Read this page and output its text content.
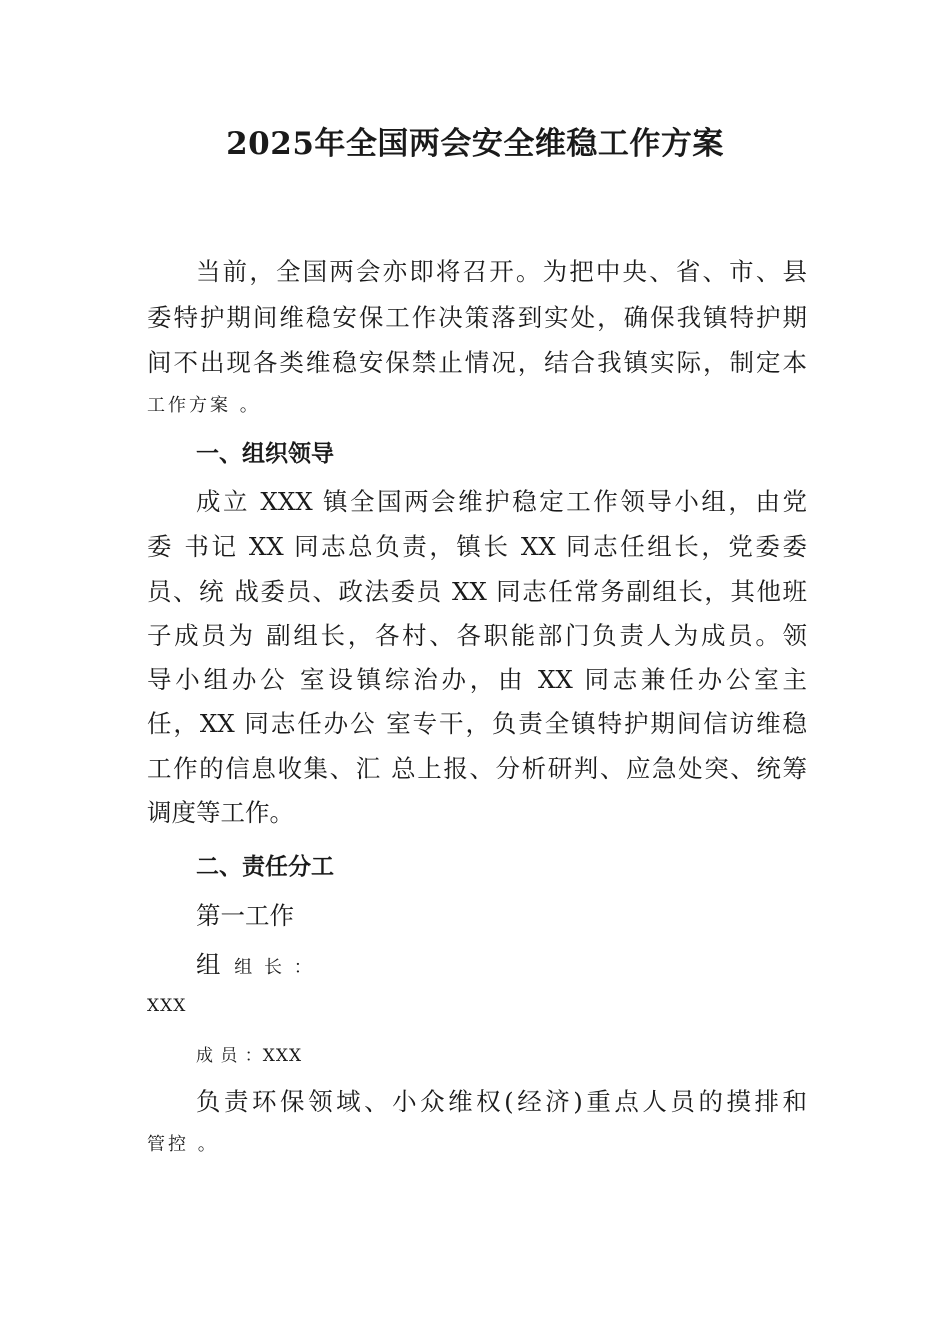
2025年全国两会安全维稳工作方案
当前，全国两会亦即将召开。为把中央、省、市、县
委特护期间维稳安保工作决策落到实处，确保我镇特护期
间不出现各类维稳安保禁止情况，结合我镇实际，制定本
工作方案 。
一、组织领导
成立 XXX 镇全国两会维护稳定工作领导小组，由党
委 书记 XX 同志总负责，镇长 XX 同志任组长，党委委
员、统 战委员、政法委员 XX 同志任常务副组长，其他班
子成员为 副组长，各村、各职能部门负责人为成员。领
导小组办公 室设镇综治办，由 XX 同志兼任办公室主
任，XX 同志任办公 室专干，负责全镇特护期间信访维稳
工作的信息收集、汇 总上报、分析研判、应急处突、统筹
调度等工作。
二、责任分工
第一工作
组 组 长 ：
XXX
成 员 ：XXX
负责环保领域、小众维权(经济)重点人员的摸排和
管控 。
